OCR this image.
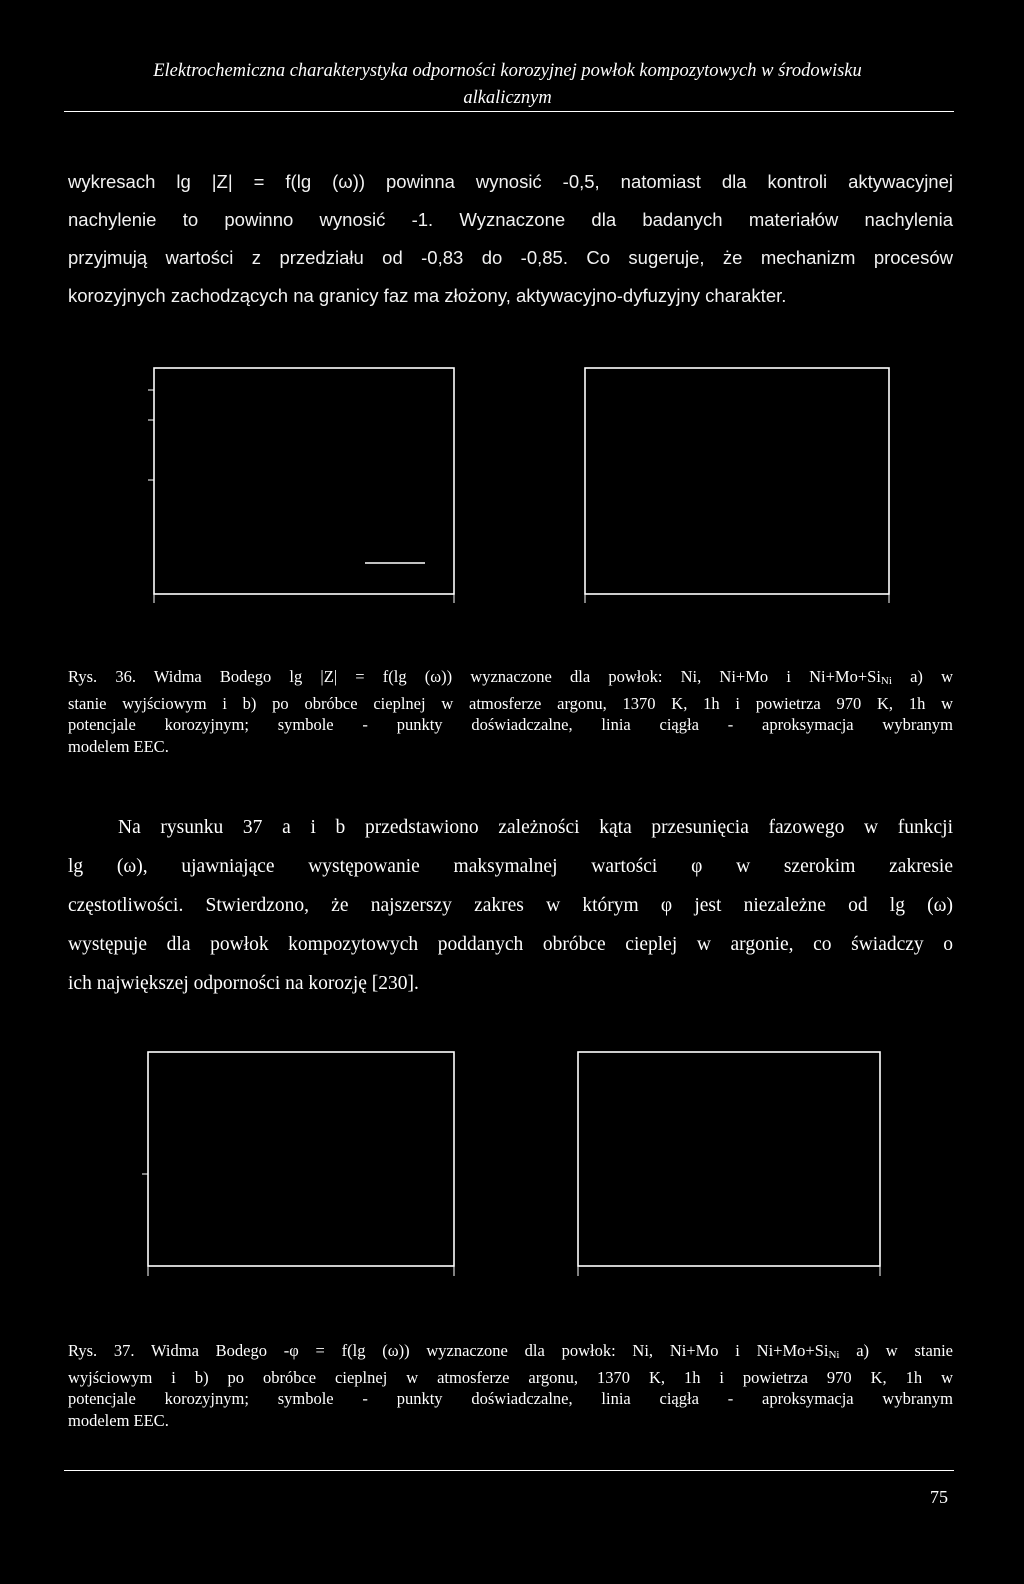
Elektrochemiczna charakterystyka odporności korozyjnej powłok kompozytowych w środowisku
alkalicznym
wykresach lg |Z| = f(lg (ω)) powinna wynosić -0,5, natomiast dla kontroli aktywacyjnej
nachylenie to powinno wynosić -1. Wyznaczone dla badanych materiałów nachylenia
przyjmują wartości z przedziału od -0,83 do -0,85. Co sugeruje, że mechanizm procesów
korozyjnych zachodzących na granicy faz ma złożony, aktywacyjno-dyfuzyjny charakter.
Rys. 36. Widma Bodego lg |Z| = f(lg (ω)) wyznaczone dla powłok: Ni, Ni+Mo i $Ni+Mo+Si_{Ni}$ a) w
stanie wyjściowym i b) po obróbce cieplnej w atmosferze argonu, 1370 K, 1h i powietrza 970 K, 1h w
potencjale korozyjnym; symbole - punkty doświadczalne, linia ciągła - aproksymacja wybranym
modelem EEC.
Na rysunku 37 a i b przedstawiono zależności kąta przesunięcia fazowego w funkcji
lg (ω), ujawniające występowanie maksymalnej wartości φ w szerokim zakresie
częstotliwości. Stwierdzono, że najszerszy zakres w którym φ jest niezależne od lg (ω)
występuje dla powłok kompozytowych poddanych obróbce cieplej w argonie, co świadczy o
ich największej odporności na korozję [230].
Rys. 37. Widma Bodego -φ = f(lg (ω)) wyznaczone dla powłok: Ni, Ni+Mo i $Ni+Mo+Si_{Ni}$ a) w stanie
wyjściowym i b) po obróbce cieplnej w atmosferze argonu, 1370 K, 1h i powietrza 970 K, 1h w
potencjale korozyjnym; symbole - punkty doświadczalne, linia ciągła - aproksymacja wybranym
modelem EEC.
75
